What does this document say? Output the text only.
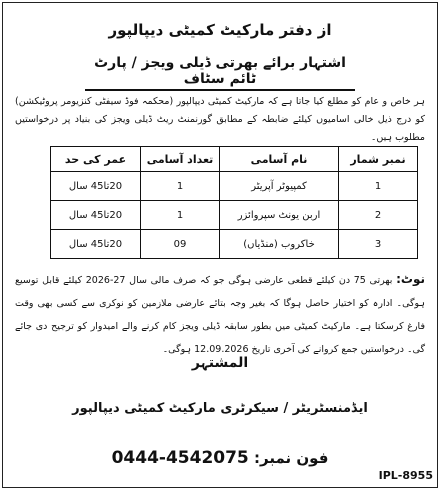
از دفتر مارکیٹ کمیٹی دیپالپور
اشتہار برائے بھرتی ڈیلی ویجز / پارٹ ٹائم سٹاف
ہر خاص و عام کو مطلع کیا جاتا ہے کہ مارکیٹ کمیٹی دیپالپور (محکمہ فوڈ سیفٹی کنزیومر پروٹیکشن) کو درج ذیل خالی اسامیوں کیلئے ضابطہ کے مطابق گورنمنٹ ریٹ ڈیلی ویجز کی بنیاد پر درخواستیں مطلوب ہیں۔
نمبر شمار	نام آسامی	تعداد آسامی	عمر کی حد
1	کمپیوٹر آپریٹر	1	20تا45 سال
2	اربن یونٹ سپروائزر	1	20تا45 سال
3	خاکروب (منڈیاں)	09	20تا45 سال
نوٹ: بھرتی 75 دن کیلئے قطعی عارضی ہوگی جو کہ صرف مالی سال 27-2026 کیلئے قابل توسیع ہوگی۔ ادارہ کو اختیار حاصل ہوگا کہ بغیر وجہ بتائے عارضی ملازمین کو نوکری سے کسی بھی وقت فارغ کرسکتا ہے۔ مارکیٹ کمیٹی میں بطور سابقہ ڈیلی ویجز کام کرنے والے امیدوار کو ترجیح دی جائے گی۔ درخواستیں جمع کروانے کی آخری تاریخ 12.09.2026 ہوگی۔
المشتہر
ایڈمنسٹریٹر / سیکرٹری مارکیٹ کمیٹی دیپالپور
فون نمبر: 0444-4542075
IPL-8955
